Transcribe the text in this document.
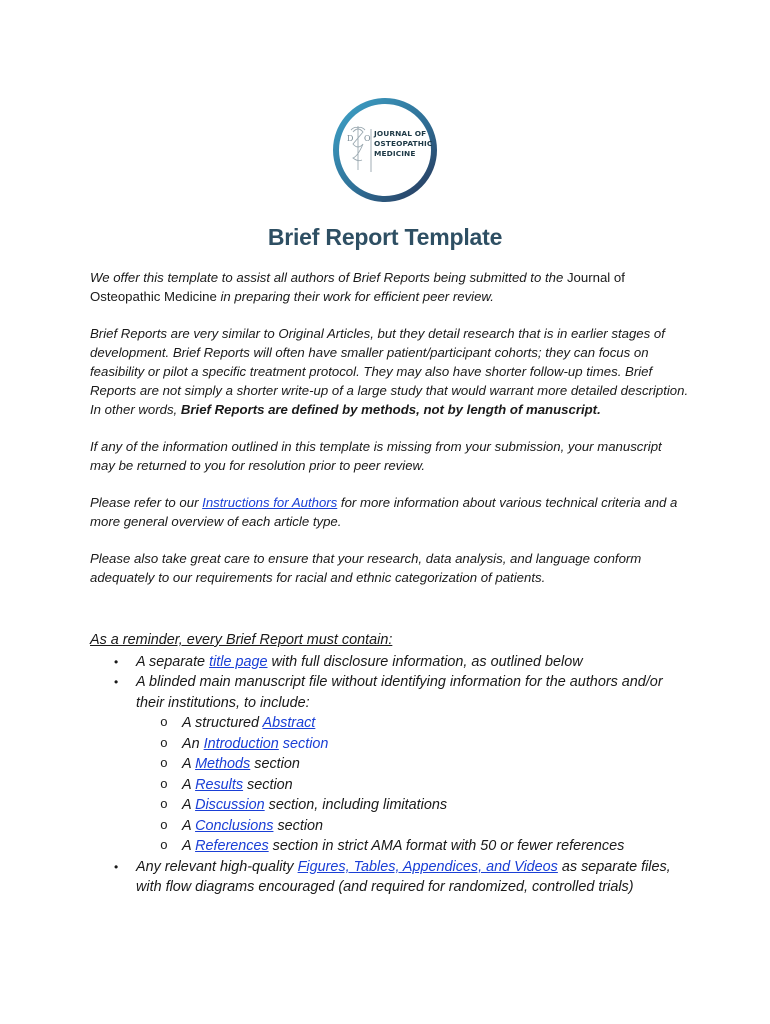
D O
JOURNAL OF
OSTEOPATHIC
MEDICINE
Brief Report Template

We offer this template to assist all authors of Brief Reports being submitted to the Journal of Osteopathic Medicine in preparing their work for efficient peer review.

Brief Reports are very similar to Original Articles, but they detail research that is in earlier stages of development. Brief Reports will often have smaller patient/participant cohorts; they can focus on feasibility or pilot a specific treatment protocol. They may also have shorter follow-up times. Brief Reports are not simply a shorter write-up of a large study that would warrant more detailed description. In other words, Brief Reports are defined by methods, not by length of manuscript.

If any of the information outlined in this template is missing from your submission, your manuscript may be returned to you for resolution prior to peer review.

Please refer to our Instructions for Authors for more information about various technical criteria and a more general overview of each article type.

Please also take great care to ensure that your research, data analysis, and language conform adequately to our requirements for racial and ethnic categorization of patients.

As a reminder, every Brief Report must contain:
• A separate title page with full disclosure information, as outlined below
• A blinded main manuscript file without identifying information for the authors and/or their institutions, to include:
o A structured Abstract
o An Introduction section
o A Methods section
o A Results section
o A Discussion section, including limitations
o A Conclusions section
o A References section in strict AMA format with 50 or fewer references
• Any relevant high-quality Figures, Tables, Appendices, and Videos as separate files, with flow diagrams encouraged (and required for randomized, controlled trials)
